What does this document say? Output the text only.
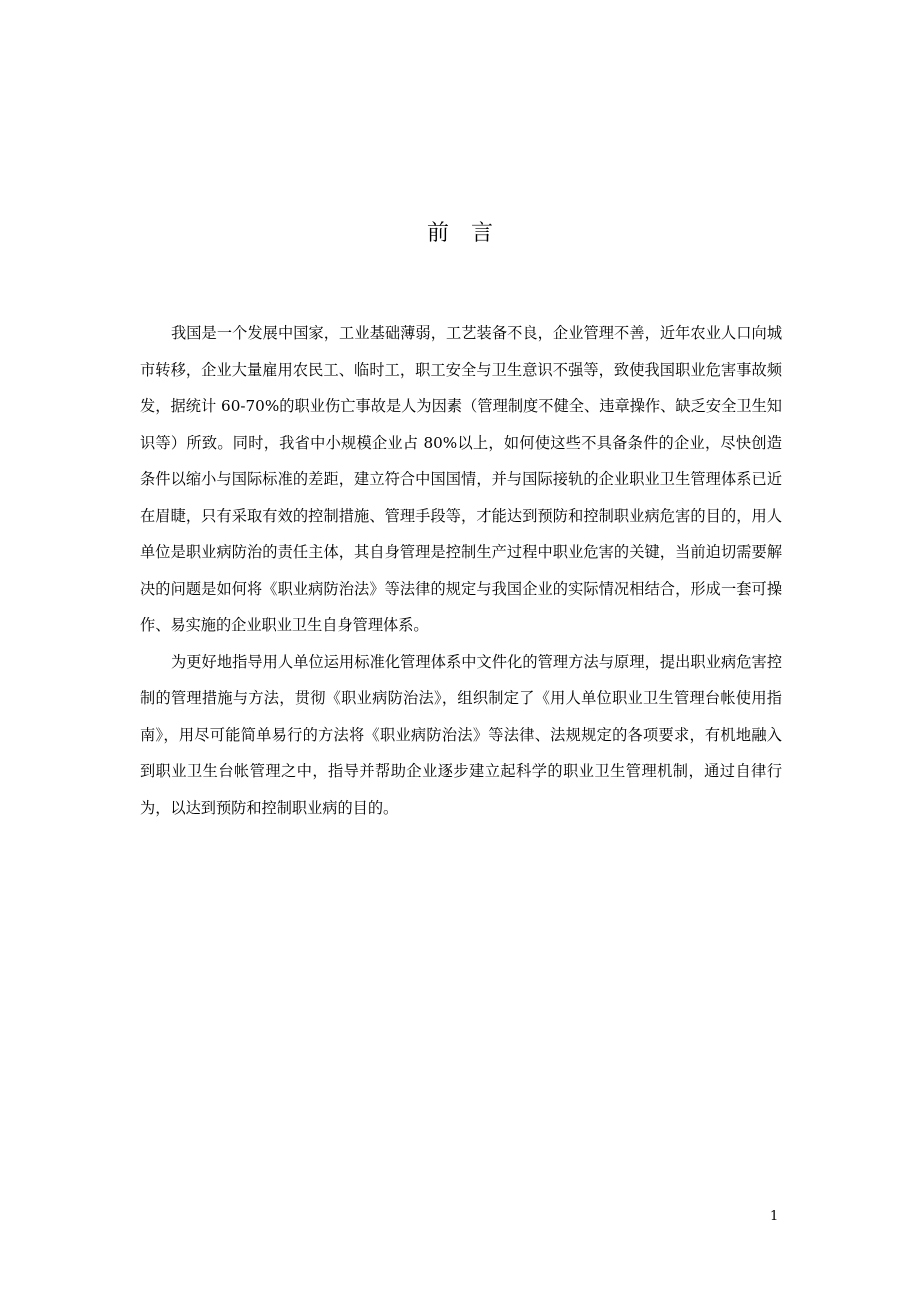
前言

我国是一个发展中国家，工业基础薄弱，工艺装备不良，企业管理不善，近年农业人口向城市转移，企业大量雇用农民工、临时工，职工安全与卫生意识不强等，致使我国职业危害事故频发，据统计 60-70%的职业伤亡事故是人为因素（管理制度不健全、违章操作、缺乏安全卫生知识等）所致。同时，我省中小规模企业占 80%以上，如何使这些不具备条件的企业，尽快创造条件以缩小与国际标准的差距，建立符合中国国情，并与国际接轨的企业职业卫生管理体系已近在眉睫，只有采取有效的控制措施、管理手段等，才能达到预防和控制职业病危害的目的，用人单位是职业病防治的责任主体，其自身管理是控制生产过程中职业危害的关键，当前迫切需要解决的问题是如何将《职业病防治法》等法律的规定与我国企业的实际情况相结合，形成一套可操作、易实施的企业职业卫生自身管理体系。

为更好地指导用人单位运用标准化管理体系中文件化的管理方法与原理，提出职业病危害控制的管理措施与方法，贯彻《职业病防治法》，组织制定了《用人单位职业卫生管理台帐使用指南》，用尽可能简单易行的方法将《职业病防治法》等法律、法规规定的各项要求，有机地融入到职业卫生台帐管理之中，指导并帮助企业逐步建立起科学的职业卫生管理机制，通过自律行为，以达到预防和控制职业病的目的。

1
